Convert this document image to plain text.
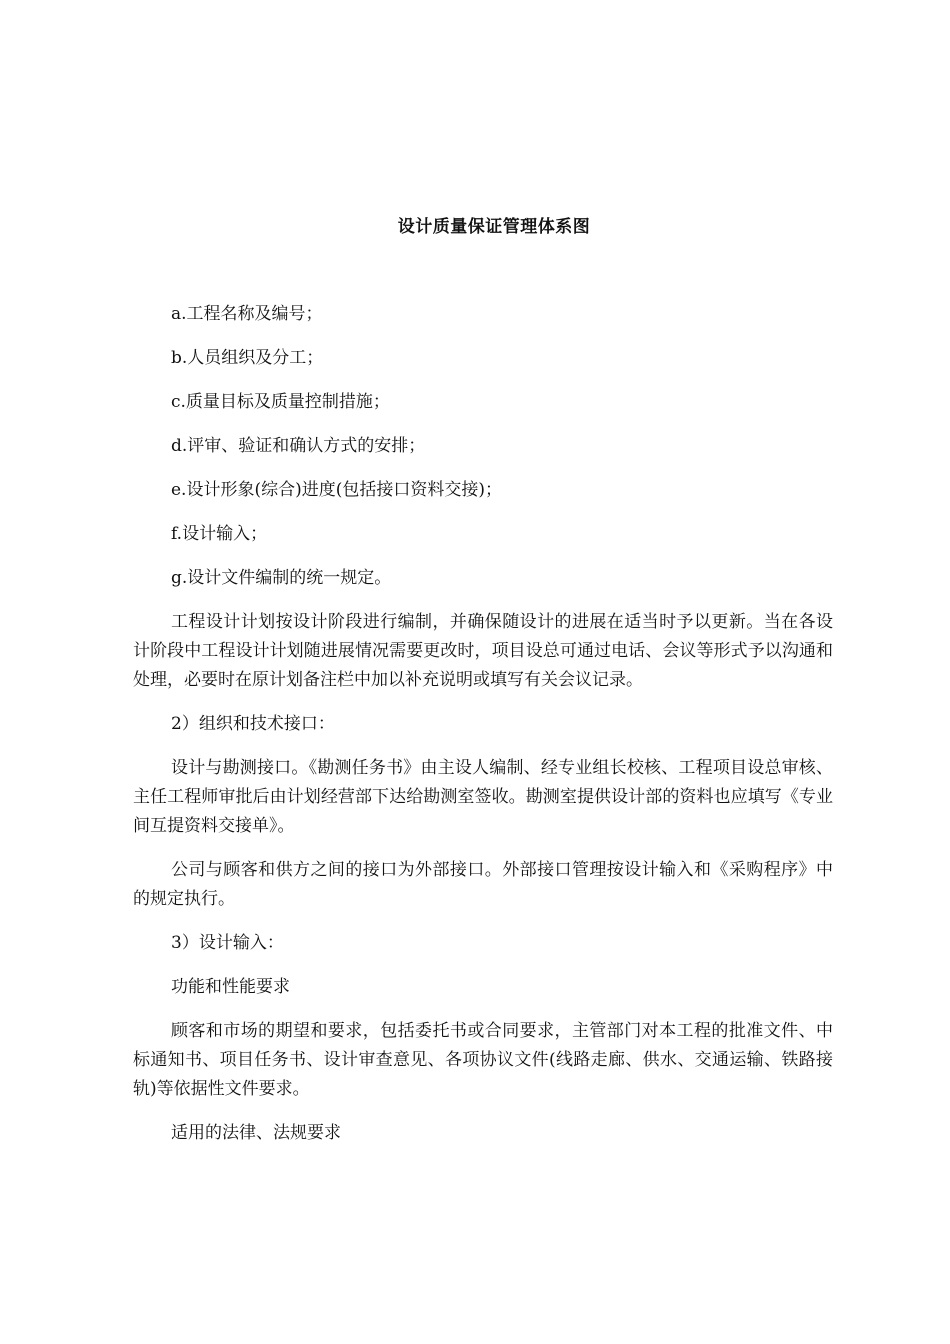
设计质量保证管理体系图

a.工程名称及编号；

b.人员组织及分工；

c.质量目标及质量控制措施；

d.评审、验证和确认方式的安排；

e.设计形象(综合)进度(包括接口资料交接)；

f.设计输入；

g.设计文件编制的统一规定。

工程设计计划按设计阶段进行编制，并确保随设计的进展在适当时予以更新。当在各设计阶段中工程设计计划随进展情况需要更改时，项目设总可通过电话、会议等形式予以沟通和处理，必要时在原计划备注栏中加以补充说明或填写有关会议记录。

2）组织和技术接口：

设计与勘测接口。《勘测任务书》由主设人编制、经专业组长校核、工程项目设总审核、主任工程师审批后由计划经营部下达给勘测室签收。勘测室提供设计部的资料也应填写《专业间互提资料交接单》。

公司与顾客和供方之间的接口为外部接口。外部接口管理按设计输入和《采购程序》中的规定执行。

3）设计输入：

功能和性能要求

顾客和市场的期望和要求，包括委托书或合同要求，主管部门对本工程的批准文件、中标通知书、项目任务书、设计审查意见、各项协议文件(线路走廊、供水、交通运输、铁路接轨)等依据性文件要求。

适用的法律、法规要求
